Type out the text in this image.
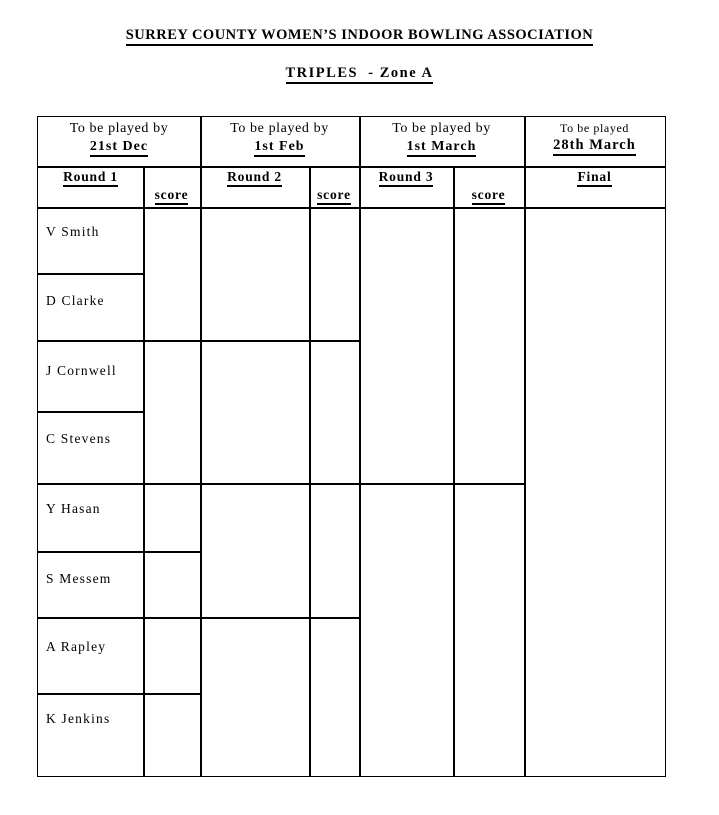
SURREY COUNTY WOMEN’S INDOOR BOWLING ASSOCIATION
TRIPLES  - Zone A
To be played by
21st Dec
To be played by
1st Feb
To be played by
1st March
To be played
28th March
Round 1
score
Round 2
score
Round 3
score
Final
V Smith
D Clarke
J Cornwell
C Stevens
Y Hasan
S Messem
A Rapley
K Jenkins
